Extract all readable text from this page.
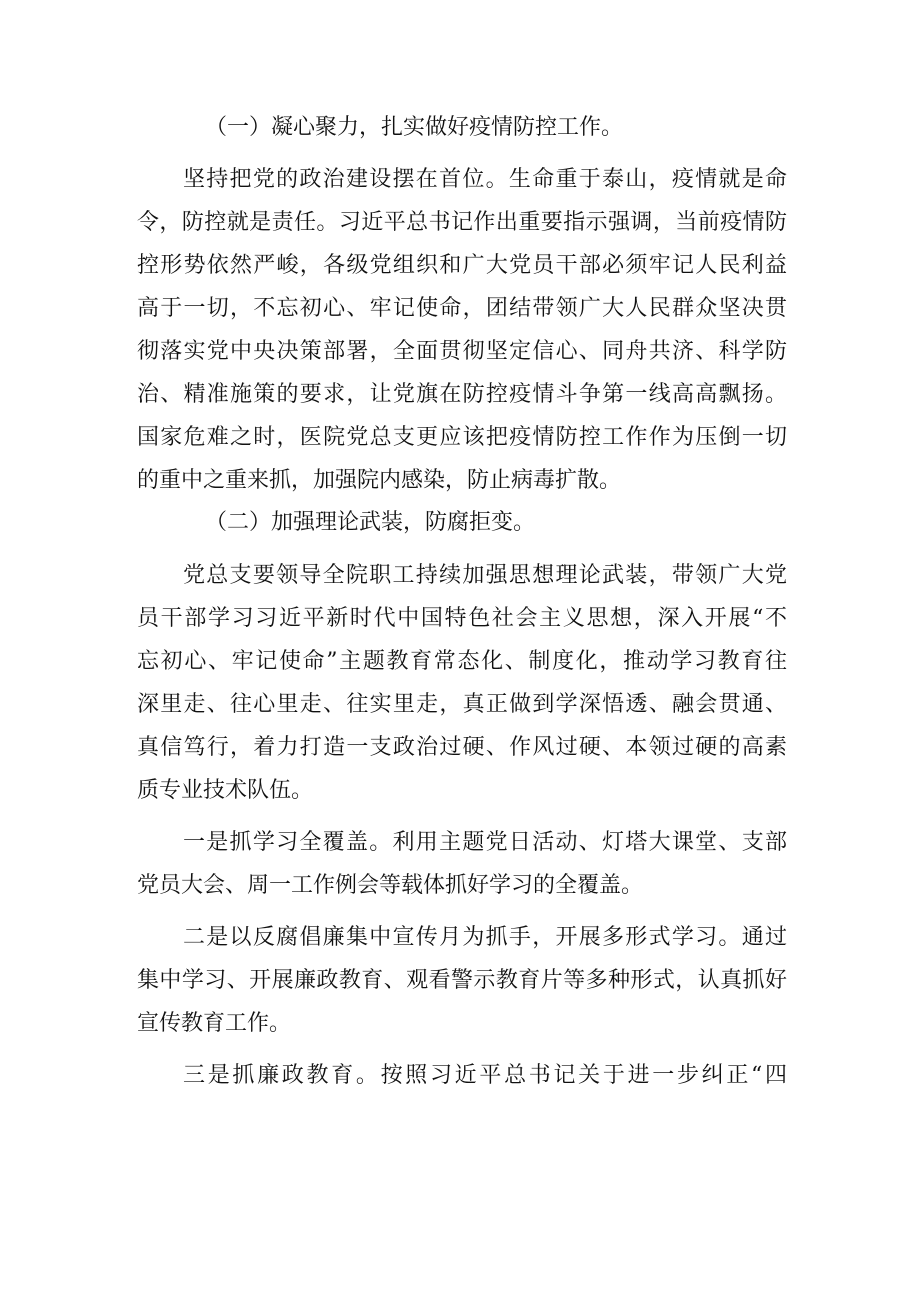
（一）凝心聚力，扎实做好疫情防控工作。
坚持把党的政治建设摆在首位。生命重于泰山，疫情就是命
令，防控就是责任。习近平总书记作出重要指示强调，当前疫情防
控形势依然严峻，各级党组织和广大党员干部必须牢记人民利益
高于一切，不忘初心、牢记使命，团结带领广大人民群众坚决贯
彻落实党中央决策部署，全面贯彻坚定信心、同舟共济、科学防
治、精准施策的要求，让党旗在防控疫情斗争第一线高高飘扬。
国家危难之时，医院党总支更应该把疫情防控工作作为压倒一切
的重中之重来抓，加强院内感染，防止病毒扩散。
（二）加强理论武装，防腐拒变。
党总支要领导全院职工持续加强思想理论武装，带领广大党
员干部学习习近平新时代中国特色社会主义思想，深入开展“不
忘初心、牢记使命”主题教育常态化、制度化，推动学习教育往
深里走、往心里走、往实里走，真正做到学深悟透、融会贯通、
真信笃行，着力打造一支政治过硬、作风过硬、本领过硬的高素
质专业技术队伍。
一是抓学习全覆盖。利用主题党日活动、灯塔大课堂、支部
党员大会、周一工作例会等载体抓好学习的全覆盖。
二是以反腐倡廉集中宣传月为抓手，开展多形式学习。通过
集中学习、开展廉政教育、观看警示教育片等多种形式，认真抓好
宣传教育工作。
三是抓廉政教育。按照习近平总书记关于进一步纠正“四
